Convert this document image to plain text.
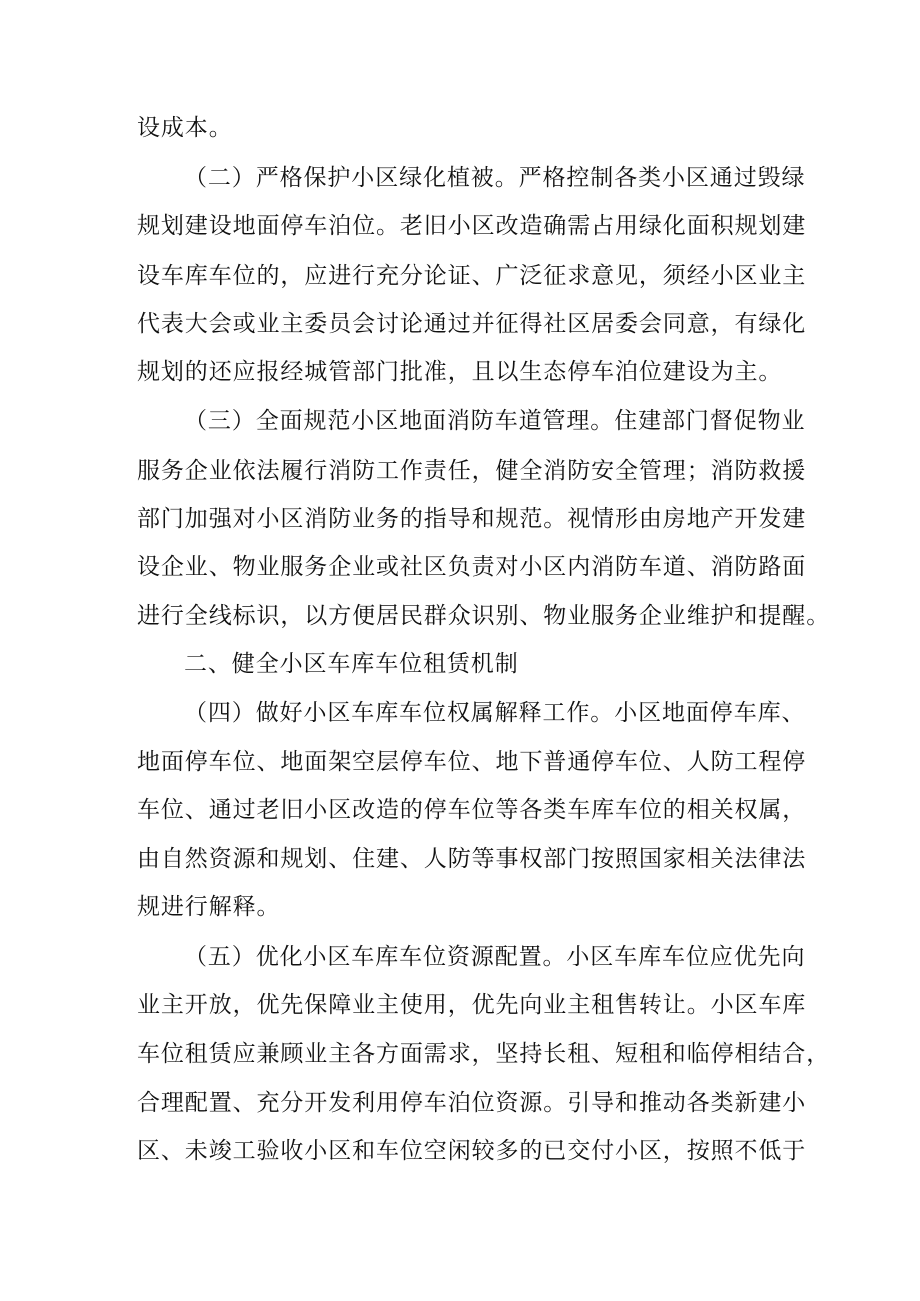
设成本。
（二）严格保护小区绿化植被。严格控制各类小区通过毁绿
规划建设地面停车泊位。老旧小区改造确需占用绿化面积规划建
设车库车位的，应进行充分论证、广泛征求意见，须经小区业主
代表大会或业主委员会讨论通过并征得社区居委会同意，有绿化
规划的还应报经城管部门批准，且以生态停车泊位建设为主。
（三）全面规范小区地面消防车道管理。住建部门督促物业
服务企业依法履行消防工作责任，健全消防安全管理；消防救援
部门加强对小区消防业务的指导和规范。视情形由房地产开发建
设企业、物业服务企业或社区负责对小区内消防车道、消防路面
进行全线标识，以方便居民群众识别、物业服务企业维护和提醒。
二、健全小区车库车位租赁机制
（四）做好小区车库车位权属解释工作。小区地面停车库、
地面停车位、地面架空层停车位、地下普通停车位、人防工程停
车位、通过老旧小区改造的停车位等各类车库车位的相关权属，
由自然资源和规划、住建、人防等事权部门按照国家相关法律法
规进行解释。
（五）优化小区车库车位资源配置。小区车库车位应优先向
业主开放，优先保障业主使用，优先向业主租售转让。小区车库
车位租赁应兼顾业主各方面需求，坚持长租、短租和临停相结合，
合理配置、充分开发利用停车泊位资源。引导和推动各类新建小
区、未竣工验收小区和车位空闲较多的已交付小区，按照不低于
